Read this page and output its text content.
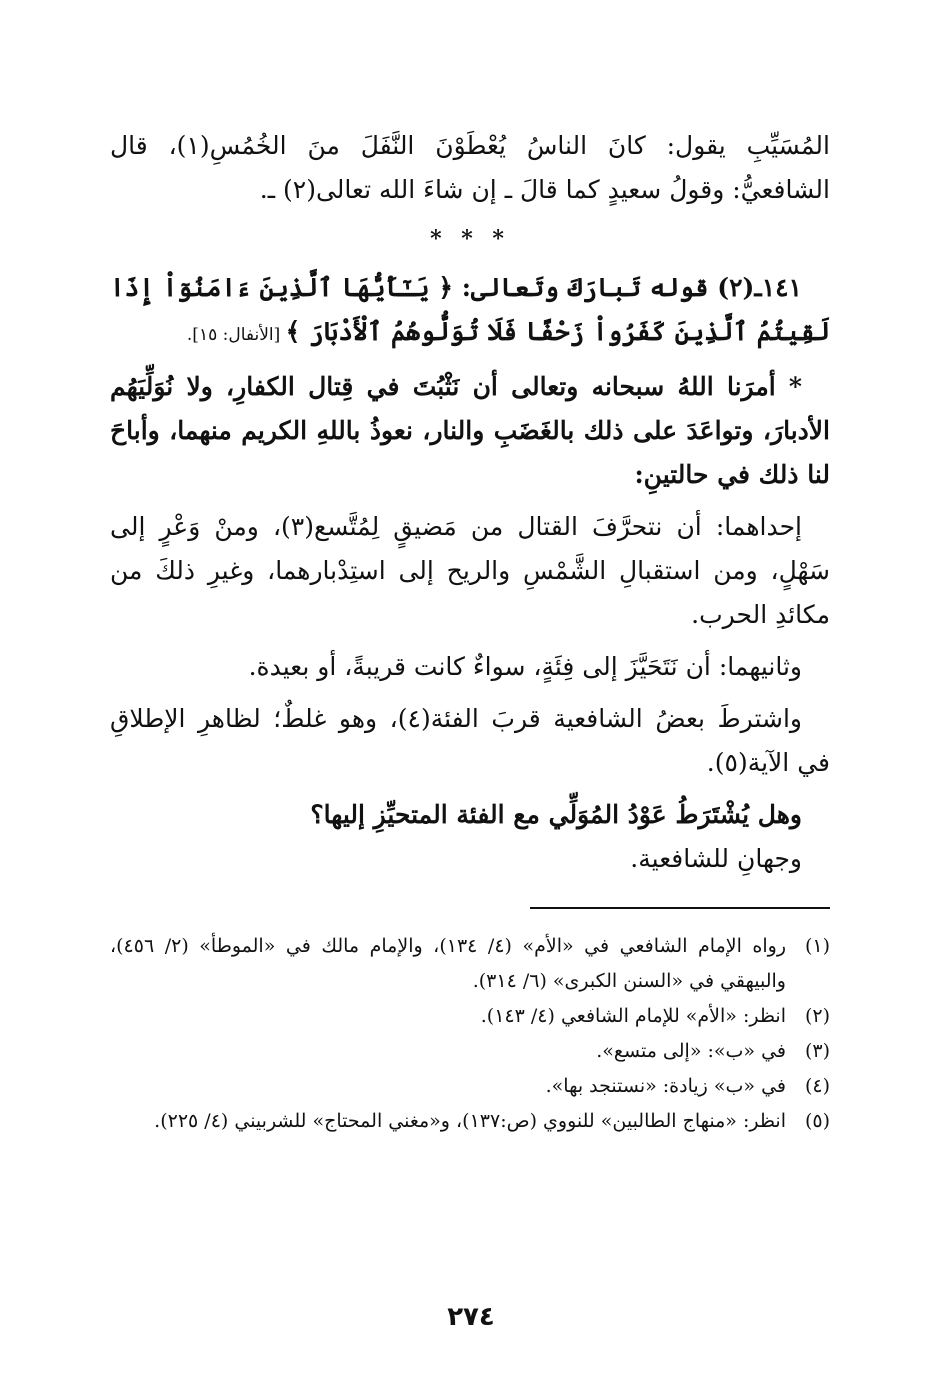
المُسَيِّبِ يقول: كانَ الناسُ يُعْطَوْنَ النَّفَلَ منَ الخُمُسِ(١)، قال الشافعيُّ: وقولُ سعيدٍ كما قالَ ـ إن شاءَ الله تعالى(٢) ـ.

* * *

١٤١ـ(٢) قوله تَبارَكَ وتَعالى: ﴿ يَـٰٓأَيُّهَا ٱلَّذِينَ ءَامَنُوٓاْ إِذَا لَقِيتُمُ ٱلَّذِينَ كَفَرُواْ زَحْفًا فَلَا تُوَلُّوهُمُ ٱلْأَدْبَارَ ﴾ [الأنفال: ١٥].

* أمرَنا اللهُ سبحانه وتعالى أن نَثْبُتَ في قِتال الكفارِ، ولا نُوَلِّيَهُم الأدبارَ، وتواعَدَ على ذلك بالغَضَبِ والنار، نعوذُ باللهِ الكريم منهما، وأباحَ لنا ذلك في حالتينِ:

إحداهما: أن نتحرَّفَ القتال من مَضيقٍ لِمُتَّسع(٣)، ومنْ وَعْرٍ إلى سَهْلٍ، ومن استقبالِ الشَّمْسِ والريح إلى استِدْبارهما، وغيرِ ذلكَ من مكائدِ الحرب.

وثانيهما: أن نَتَحَيَّزَ إلى فِئَةٍ، سواءٌ كانت قريبةً، أو بعيدة.

واشترطَ بعضُ الشافعية قربَ الفئة(٤)، وهو غلطٌ؛ لظاهرِ الإطلاقِ في الآية(٥).

وهل يُشْتَرَطُ عَوْدُ المُوَلِّي مع الفئة المتحيِّزِ إليها؟

وجهانِ للشافعية.

(١)
رواه الإمام الشافعي في «الأم» (٤/ ١٣٤)، والإمام مالك في «الموطأ» (٢/ ٤٥٦)، والبيهقي في «السنن الكبرى» (٦/ ٣١٤).
(٢)
انظر: «الأم» للإمام الشافعي (٤/ ١٤٣).
(٣)
في «ب»: «إلى متسع».
(٤)
في «ب» زيادة: «نستنجد بها».
(٥)
انظر: «منهاج الطالبين» للنووي (ص:١٣٧)، و«مغني المحتاج» للشربيني (٤/ ٢٢٥).
٢٧٤
